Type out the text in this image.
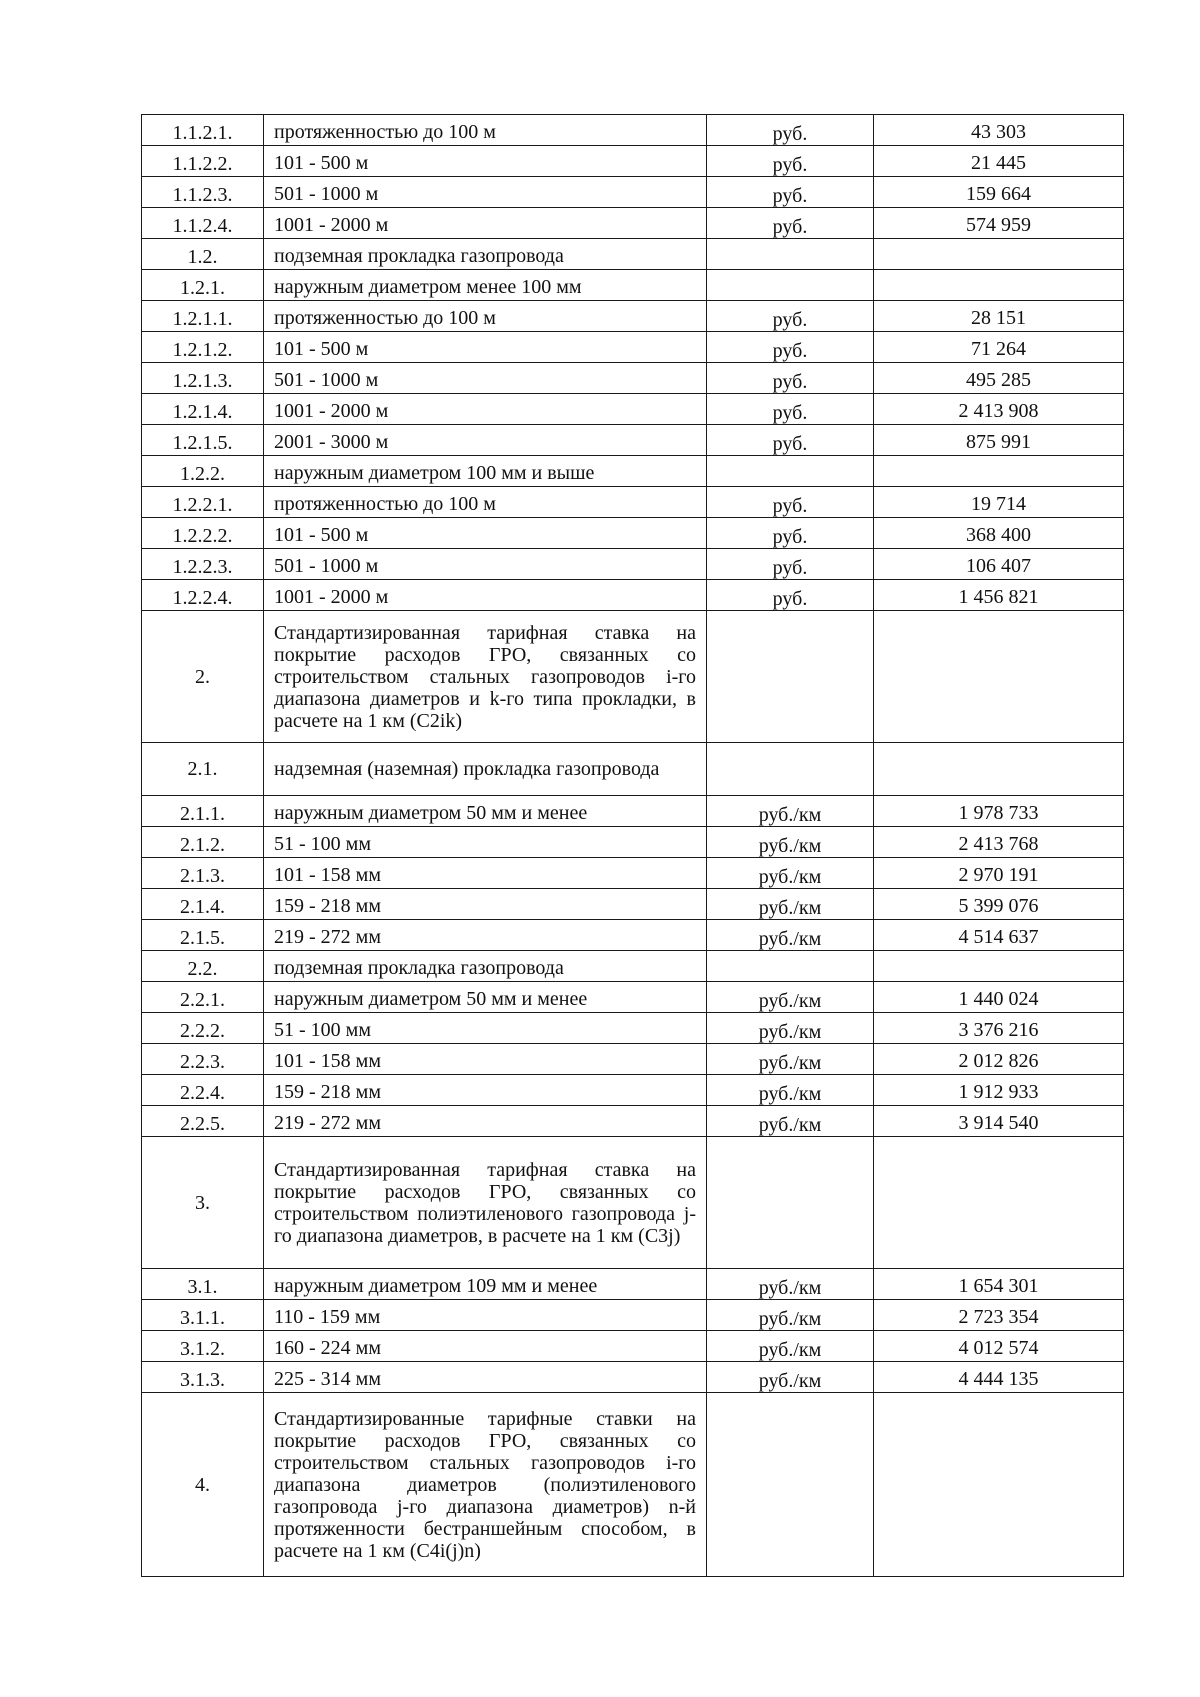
1.1.2.1.	протяженностью до 100 м	руб.	43 303
1.1.2.2.	101 - 500 м	руб.	21 445
1.1.2.3.	501 - 1000 м	руб.	159 664
1.1.2.4.	1001 - 2000 м	руб.	574 959
1.2.	подземная прокладка газопровода		
1.2.1.	наружным диаметром менее 100 мм		
1.2.1.1.	протяженностью до 100 м	руб.	28 151
1.2.1.2.	101 - 500 м	руб.	71 264
1.2.1.3.	501 - 1000 м	руб.	495 285
1.2.1.4.	1001 - 2000 м	руб.	2 413 908
1.2.1.5.	2001 - 3000 м	руб.	875 991
1.2.2.	наружным диаметром 100 мм и выше		
1.2.2.1.	протяженностью до 100 м	руб.	19 714
1.2.2.2.	101 - 500 м	руб.	368 400
1.2.2.3.	501 - 1000 м	руб.	106 407
1.2.2.4.	1001 - 2000 м	руб.	1 456 821
2.	Стандартизированная тарифная ставка на покрытие расходов ГРО, связанных со строительством стальных газопроводов i-го диапазона диаметров и k-го типа прокладки, в расчете на 1 км (C2ik)		
2.1.	надземная (наземная) прокладка газопровода		
2.1.1.	наружным диаметром 50 мм и менее	руб./км	1 978 733
2.1.2.	51 - 100 мм	руб./км	2 413 768
2.1.3.	101 - 158 мм	руб./км	2 970 191
2.1.4.	159 - 218 мм	руб./км	5 399 076
2.1.5.	219 - 272 мм	руб./км	4 514 637
2.2.	подземная прокладка газопровода		
2.2.1.	наружным диаметром 50 мм и менее	руб./км	1 440 024
2.2.2.	51 - 100 мм	руб./км	3 376 216
2.2.3.	101 - 158 мм	руб./км	2 012 826
2.2.4.	159 - 218 мм	руб./км	1 912 933
2.2.5.	219 - 272 мм	руб./км	3 914 540
3.	Стандартизированная тарифная ставка на покрытие расходов ГРО, связанных со строительством полиэтиленового газопровода j-го диапазона диаметров, в расчете на 1 км (C3j)		
3.1.	наружным диаметром 109 мм и менее	руб./км	1 654 301
3.1.1.	110 - 159 мм	руб./км	2 723 354
3.1.2.	160 - 224 мм	руб./км	4 012 574
3.1.3.	225 - 314 мм	руб./км	4 444 135
4.	Стандартизированные тарифные ставки на покрытие расходов ГРО, связанных со строительством стальных газопроводов i-го диапазона диаметров (полиэтиленового газопровода j-го диапазона диаметров) n-й протяженности бестраншейным способом, в расчете на 1 км (C4i(j)n)		
